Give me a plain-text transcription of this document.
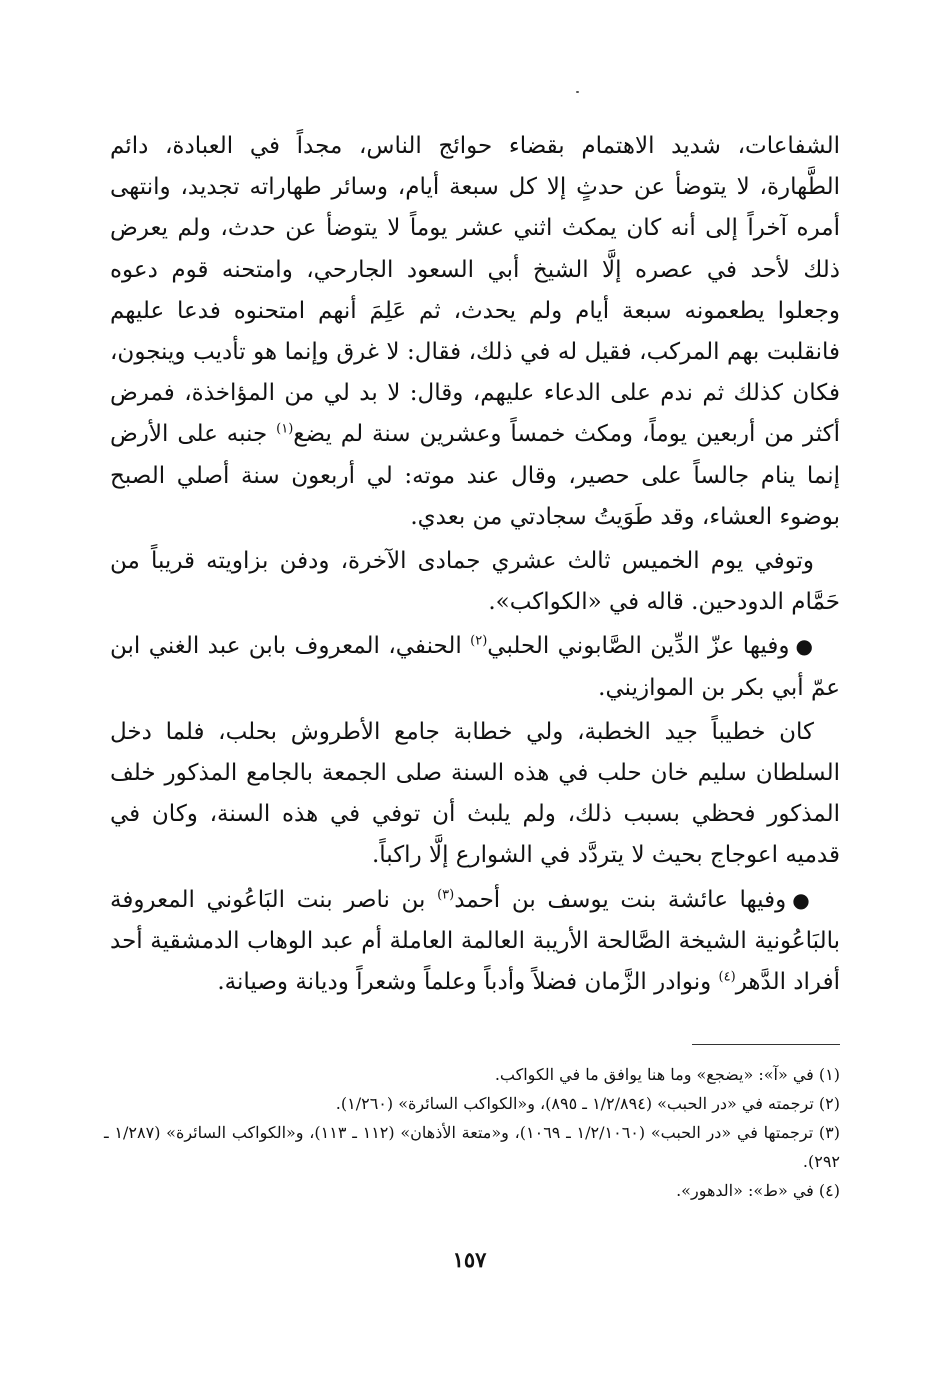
الشفاعات، شديد الاهتمام بقضاء حوائج الناس، مجداً في العبادة، دائم الطَّهارة، لا يتوضأ عن حدثٍ إلا كل سبعة أيام، وسائر طهاراته تجديد، وانتهى أمره آخراً إلى أنه كان يمكث اثني عشر يوماً لا يتوضأ عن حدث، ولم يعرض ذلك لأحد في عصره إلَّا الشيخ أبي السعود الجارحي، وامتحنه قوم دعوه وجعلوا يطعمونه سبعة أيام ولم يحدث، ثم عَلِمَ أنهم امتحنوه فدعا عليهم فانقلبت بهم المركب، فقيل له في ذلك، فقال: لا غرق وإنما هو تأديب وينجون، فكان كذلك ثم ندم على الدعاء عليهم، وقال: لا بد لي من المؤاخذة، فمرض أكثر من أربعين يوماً، ومكث خمساً وعشرين سنة لم يضع$^{(١)}$ جنبه على الأرض إنما ينام جالساً على حصير، وقال عند موته: لي أربعون سنة أصلي الصبح بوضوء العشاء، وقد طَوَيتُ سجادتي من بعدي.

وتوفي يوم الخميس ثالث عشري جمادى الآخرة، ودفن بزاويته قريباً من حَمَّام الدودحين. قاله في «الكواكب».

●وفيها عزّ الدِّين الصَّابوني الحلبي$^{(٢)}$ الحنفي، المعروف بابن عبد الغني ابن عمّ أبي بكر بن الموازيني.

كان خطيباً جيد الخطبة، ولي خطابة جامع الأطروش بحلب، فلما دخل السلطان سليم خان حلب في هذه السنة صلى الجمعة بالجامع المذكور خلف المذكور فحظي بسبب ذلك، ولم يلبث أن توفي في هذه السنة، وكان في قدميه اعوجاج بحيث لا يتردَّد في الشوارع إلَّا راكباً.

●وفيها عائشة بنت يوسف بن أحمد$^{(٣)}$ بن ناصر بنت البَاعُوني المعروفة بالبَاعُونية الشيخة الصَّالحة الأريبة العالمة العاملة أم عبد الوهاب الدمشقية أحد أفراد الدَّهر$^{(٤)}$ ونوادر الزَّمان فضلاً وأدباً وعلماً وشعراً وديانة وصيانة.

(١) في «آ»: «يضجع» وما هنا يوافق ما في الكواكب.

(٢) ترجمته في «در الحبب» (١/٢/٨٩٤ ـ ٨٩٥)، و«الكواكب السائرة» (١/٢٦٠).

(٣) ترجمتها في «در الحبب» (١/٢/١٠٦٠ ـ ١٠٦٩)، و«متعة الأذهان» (١١٢ ـ ١١٣)، و«الكواكب السائرة» (١/٢٨٧ ـ ٢٩٢).

(٤) في «ط»: «الدهور».

١٥٧
